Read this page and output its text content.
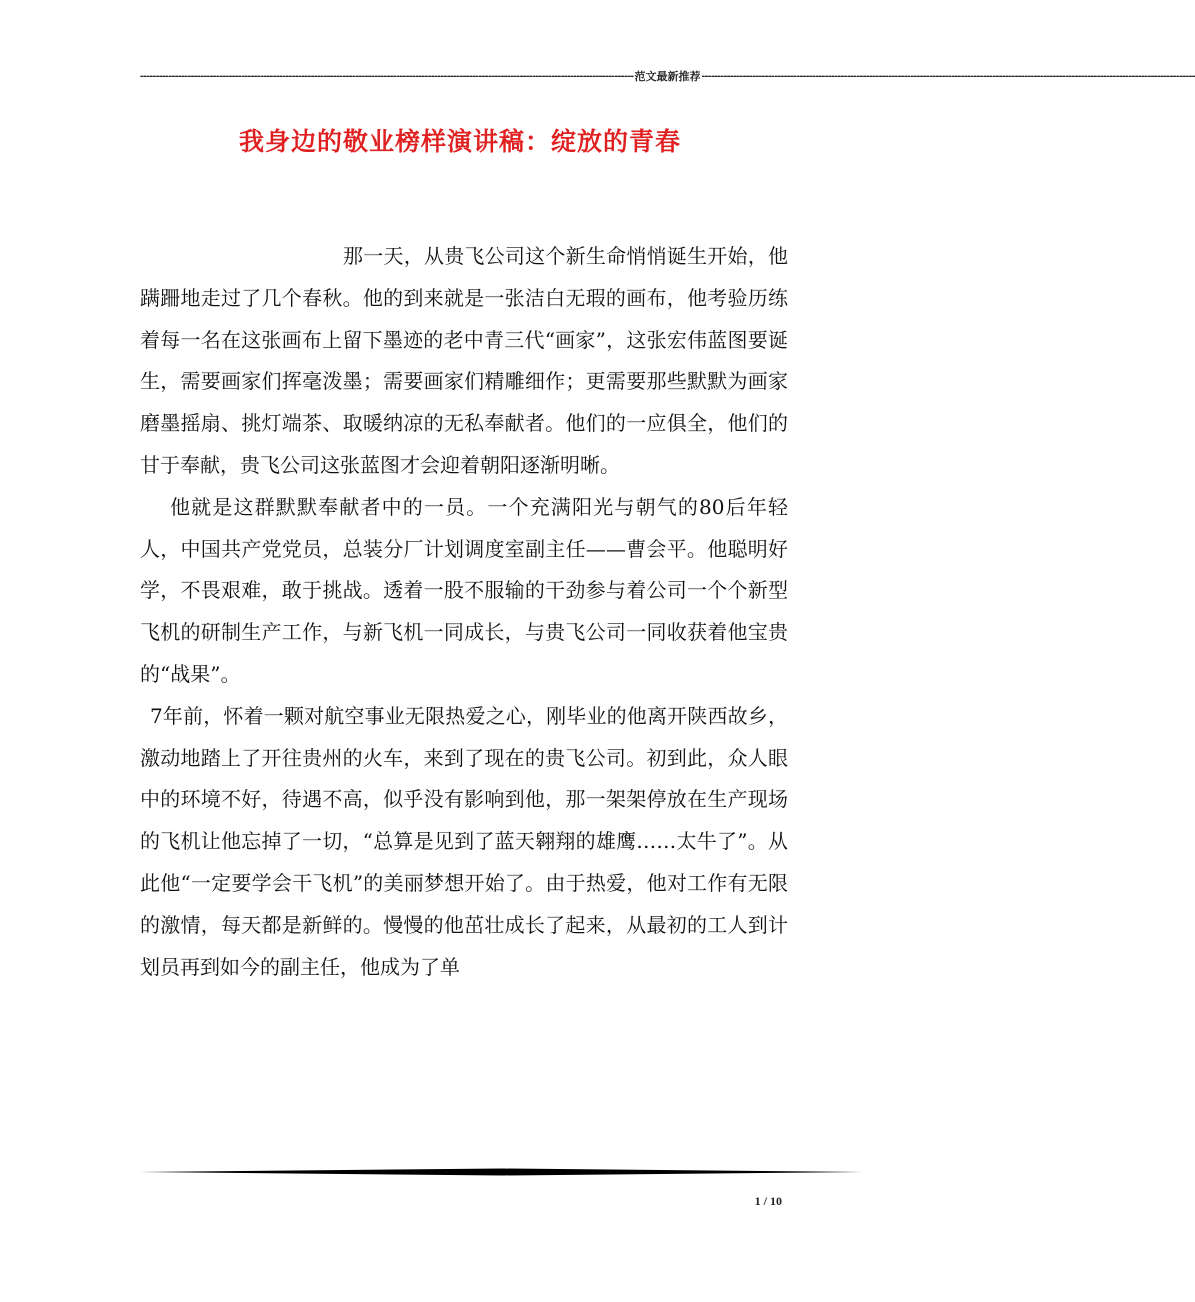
------------------------------------------------------------------------------------------------------------------------------------------------------------ 范文最新推荐 ------------------------------------------------------------------------------------------------------------------------------------------------------------
我身边的敬业榜样演讲稿：绽放的青春

那一天，从贵飞公司这个新生命悄悄诞生开始，他蹒跚地走过了几个春秋。他的到来就是一张洁白无瑕的画布，他考验历练着每一名在这张画布上留下墨迹的老中青三代“画家”，这张宏伟蓝图要诞生，需要画家们挥毫泼墨；需要画家们精雕细作；更需要那些默默为画家磨墨摇扇、挑灯端茶、取暖纳凉的无私奉献者。他们的一应俱全，他们的甘于奉献，贵飞公司这张蓝图才会迎着朝阳逐渐明晰。

他就是这群默默奉献者中的一员。一个充满阳光与朝气的80后年轻人，中国共产党党员，总装分厂计划调度室副主任——曹会平。他聪明好学，不畏艰难，敢于挑战。透着一股不服输的干劲参与着公司一个个新型飞机的研制生产工作，与新飞机一同成长，与贵飞公司一同收获着他宝贵的“战果”。

7年前，怀着一颗对航空事业无限热爱之心，刚毕业的他离开陕西故乡，激动地踏上了开往贵州的火车，来到了现在的贵飞公司。初到此，众人眼中的环境不好，待遇不高，似乎没有影响到他，那一架架停放在生产现场的飞机让他忘掉了一切，“总算是见到了蓝天翱翔的雄鹰……太牛了”。从此他“一定要学会干飞机”的美丽梦想开始了。由于热爱，他对工作有无限的激情，每天都是新鲜的。慢慢的他茁壮成长了起来，从最初的工人到计划员再到如今的副主任，他成为了单

1 / 10
